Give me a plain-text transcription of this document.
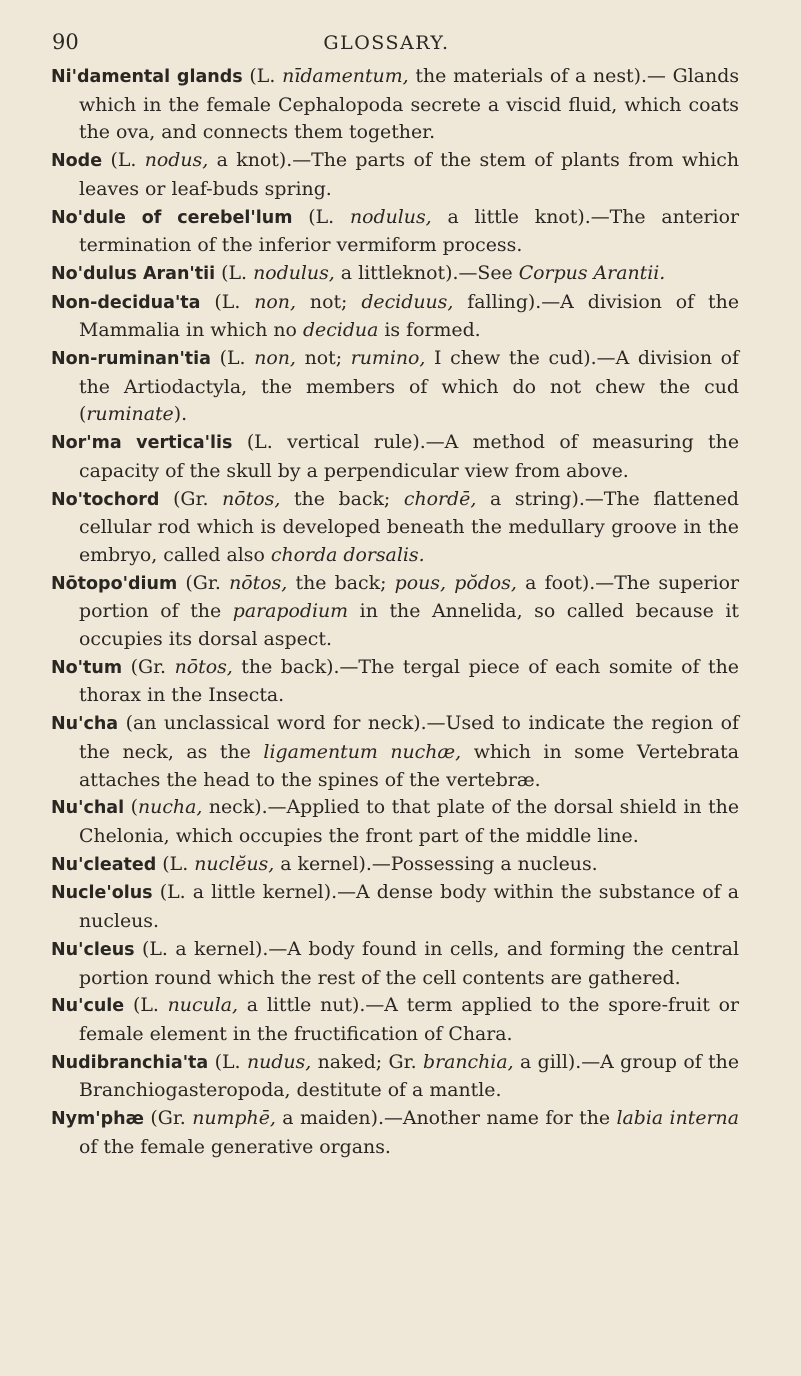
90	GLOSSARY.

Ni'damental glands (L. nīdamentum, the materials of a nest).— Glands which in the female Cephalopoda secrete a viscid fluid, which coats the ova, and connects them together.

Node (L. nodus, a knot).—The parts of the stem of plants from which leaves or leaf-buds spring.

No'dule of cerebel'lum (L. nodulus, a little knot).—The anterior termination of the inferior vermiform process.

No'dulus Aran'tii (L. nodulus, a littleknot).—See Corpus Arantii.

Non-decidua'ta (L. non, not; deciduus, falling).—A division of the Mammalia in which no decidua is formed.

Non-ruminan'tia (L. non, not; rumino, I chew the cud).—A division of the Artiodactyla, the members of which do not chew the cud (ruminate).

Nor'ma vertica'lis (L. vertical rule).—A method of measuring the capacity of the skull by a perpendicular view from above.

No'tochord (Gr. nōtos, the back; chordē, a string).—The flattened cellular rod which is developed beneath the medullary groove in the embryo, called also chorda dorsalis.

Nōtopo'dium (Gr. nōtos, the back; pous, pŏdos, a foot).—The superior portion of the parapodium in the Annelida, so called because it occupies its dorsal aspect.

No'tum (Gr. nōtos, the back).—The tergal piece of each somite of the thorax in the Insecta.

Nu'cha (an unclassical word for neck).—Used to indicate the region of the neck, as the ligamentum nuchæ, which in some Vertebrata attaches the head to the spines of the vertebræ.

Nu'chal (nucha, neck).—Applied to that plate of the dorsal shield in the Chelonia, which occupies the front part of the middle line.

Nu'cleated (L. nuclĕus, a kernel).—Possessing a nucleus.

Nucle'olus (L. a little kernel).—A dense body within the substance of a nucleus.

Nu'cleus (L. a kernel).—A body found in cells, and forming the central portion round which the rest of the cell contents are gathered.

Nu'cule (L. nucula, a little nut).—A term applied to the spore-fruit or female element in the fructification of Chara.

Nudibranchia'ta (L. nudus, naked; Gr. branchia, a gill).—A group of the Branchiogasteropoda, destitute of a mantle.

Nym'phæ (Gr. numphē, a maiden).—Another name for the labia interna of the female generative organs.
